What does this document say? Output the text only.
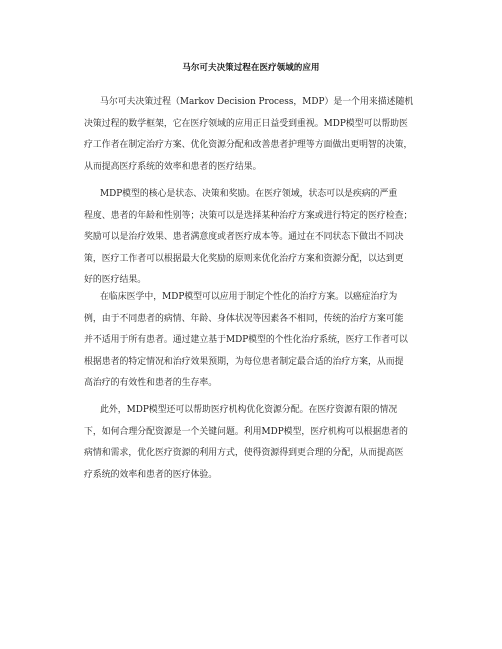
马尔可夫决策过程在医疗领域的应用

马尔可夫决策过程（Markov Decision Process，MDP）是一个用来描述随机
决策过程的数学框架，它在医疗领域的应用正日益受到重视。MDP模型可以帮助医
疗工作者在制定治疗方案、优化资源分配和改善患者护理等方面做出更明智的决策，
从而提高医疗系统的效率和患者的医疗结果。

MDP模型的核心是状态、决策和奖励。在医疗领域，状态可以是疾病的严重
程度、患者的年龄和性别等；决策可以是选择某种治疗方案或进行特定的医疗检查；
奖励可以是治疗效果、患者满意度或者医疗成本等。通过在不同状态下做出不同决
策，医疗工作者可以根据最大化奖励的原则来优化治疗方案和资源分配，以达到更
好的医疗结果。

在临床医学中，MDP模型可以应用于制定个性化的治疗方案。以癌症治疗为
例，由于不同患者的病情、年龄、身体状况等因素各不相同，传统的治疗方案可能
并不适用于所有患者。通过建立基于MDP模型的个性化治疗系统，医疗工作者可以
根据患者的特定情况和治疗效果预期，为每位患者制定最合适的治疗方案，从而提
高治疗的有效性和患者的生存率。

此外，MDP模型还可以帮助医疗机构优化资源分配。在医疗资源有限的情况
下，如何合理分配资源是一个关键问题。利用MDP模型，医疗机构可以根据患者的
病情和需求，优化医疗资源的利用方式，使得资源得到更合理的分配，从而提高医
疗系统的效率和患者的医疗体验。
